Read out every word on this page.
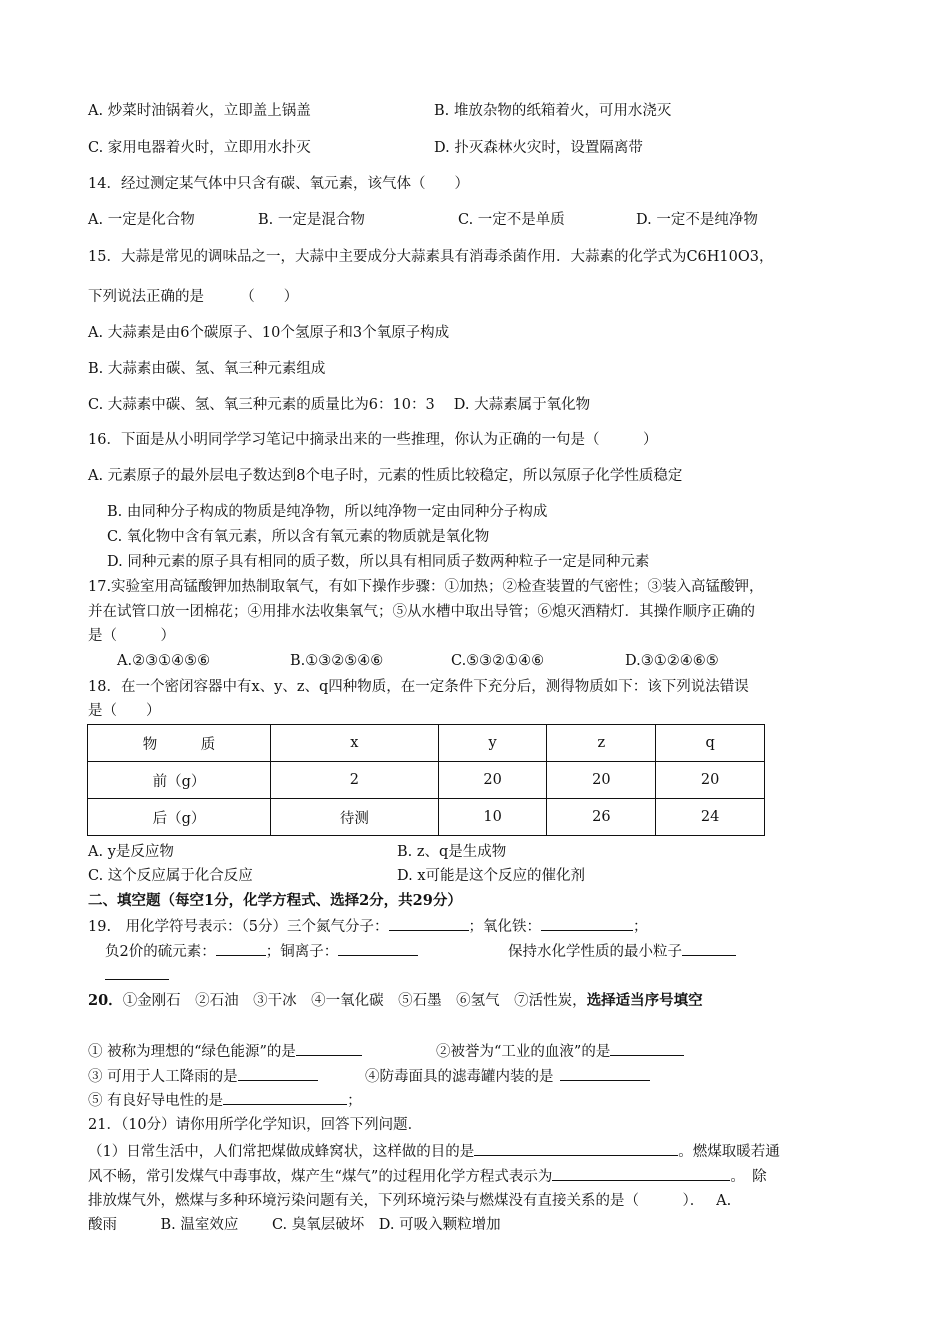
A. 炒菜时油锅着火，立即盖上锅盖	B. 堆放杂物的纸箱着火，可用水浇灭
C. 家用电器着火时，立即用水扑灭	D. 扑灭森林火灾时，设置隔离带
14．经过测定某气体中只含有碳、氧元素，该气体（　　）
A. 一定是化合物	B. 一定是混合物	C. 一定不是单质	D. 一定不是纯净物
15．大蒜是常见的调味品之一，大蒜中主要成分大蒜素具有消毒杀菌作用．大蒜素的化学式为C6H10O3，
下列说法正确的是　　　（　　）
A. 大蒜素是由6个碳原子、10个氢原子和3个氧原子构成
B. 大蒜素由碳、氢、氧三种元素组成
C. 大蒜素中碳、氢、氧三种元素的质量比为6：10：3　 D. 大蒜素属于氧化物
16．下面是从小明同学学习笔记中摘录出来的一些推理，你认为正确的一句是（　　　）
A. 元素原子的最外层电子数达到8个电子时，元素的性质比较稳定，所以氖原子化学性质稳定
B. 由同种分子构成的物质是纯净物，所以纯净物一定由同种分子构成
C. 氧化物中含有氧元素，所以含有氧元素的物质就是氧化物
D. 同种元素的原子具有相同的质子数，所以具有相同质子数两种粒子一定是同种元素
17.实验室用高锰酸钾加热制取氧气，有如下操作步骤：①加热；②检查装置的气密性；③装入高锰酸钾，
并在试管口放一团棉花；④用排水法收集氧气；⑤从水槽中取出导管；⑥熄灭酒精灯．其操作顺序正确的
是（　　　）
A.②③①④⑤⑥	B.①③②⑤④⑥	C.⑤③②①④⑥	D.③①②④⑥⑤
18．在一个密闭容器中有x、y、z、q四种物质，在一定条件下充分后，测得物质如下：该下列说法错误
是（　　）
物　　　质	x	y	z	q
前（g）	2	20	20	20
后（g）	待测	10	26	24
A. y是反应物	B. z、q是生成物
C. 这个反应属于化合反应	D. x可能是这个反应的催化剂
二、填空题（每空1分，化学方程式、选择2分，共29分）
19.　用化学符号表示：（5分）三个氮气分子：	；氧化铁：	；
负2价的硫元素：	；铜离子：	保持水化学性质的最小粒子
20．①金刚石　②石油　③干冰　④一氧化碳　⑤石墨　⑥氢气　⑦活性炭，选择适当序号填空
① 被称为理想的“绿色能源”的是	②被誉为“工业的血液”的是
③ 可用于人工降雨的是	④防毒面具的滤毒罐内装的是
⑤ 有良好导电性的是	；
21．（10分）请你用所学化学知识，回答下列问题．
（1）日常生活中，人们常把煤做成蜂窝状，这样做的目的是	。燃煤取暖若通
风不畅，常引发煤气中毒事故，煤产生“煤气”的过程用化学方程式表示为	。　除
排放煤气外，燃煤与多种环境污染问题有关，下列环境污染与燃煤没有直接关系的是（　　　）．　 A.
酸雨　　　B. 温室效应　　 C. 臭氧层破坏　D. 可吸入颗粒增加
